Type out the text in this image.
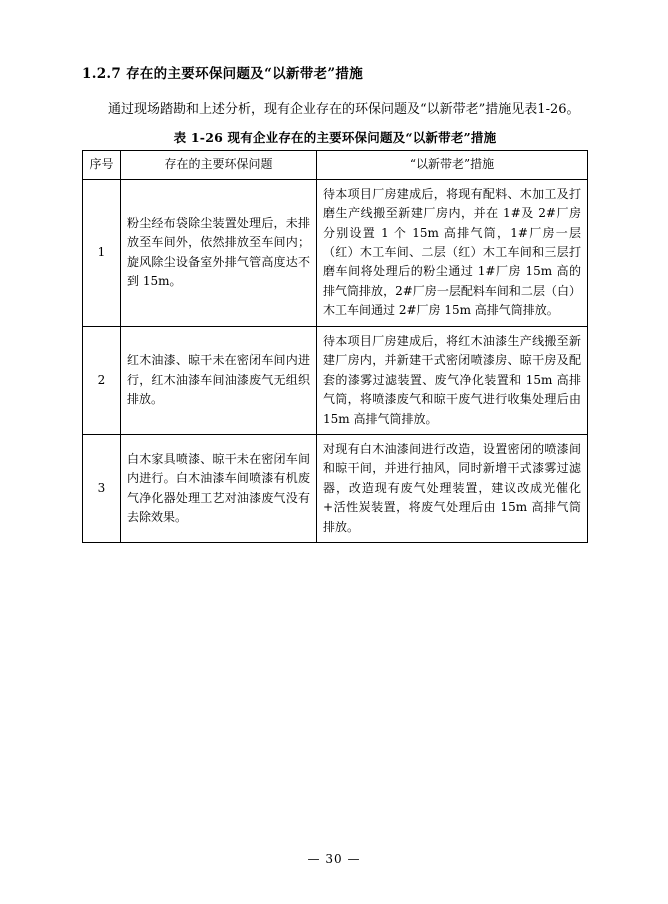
1.2.7 存在的主要环保问题及“以新带老”措施

通过现场踏勘和上述分析，现有企业存在的环保问题及“以新带老”措施见表1-26。

表 1-26 现有企业存在的主要环保问题及“以新带老”措施
序号	存在的主要环保问题	“以新带老”措施
1	粉尘经布袋除尘装置处理后，未排放至车间外，依然排放至车间内；旋风除尘设备室外排气管高度达不到 15m。	待本项目厂房建成后，将现有配料、木加工及打磨生产线搬至新建厂房内，并在 1#及 2#厂房分别设置 1 个 15m 高排气筒，1#厂房一层（红）木工车间、二层（红）木工车间和三层打磨车间将处理后的粉尘通过 1#厂房 15m 高的排气筒排放，2#厂房一层配料车间和二层（白）木工车间通过 2#厂房 15m 高排气筒排放。
2	红木油漆、晾干未在密闭车间内进行，红木油漆车间油漆废气无组织排放。	待本项目厂房建成后，将红木油漆生产线搬至新建厂房内，并新建干式密闭喷漆房、晾干房及配套的漆雾过滤装置、废气净化装置和 15m 高排气筒，将喷漆废气和晾干废气进行收集处理后由 15m 高排气筒排放。
3	白木家具喷漆、晾干未在密闭车间内进行。白木油漆车间喷漆有机废气净化器处理工艺对油漆废气没有去除效果。	对现有白木油漆间进行改造，设置密闭的喷漆间和晾干间，并进行抽风，同时新增干式漆雾过滤器，改造现有废气处理装置，建议改成光催化+活性炭装置，将废气处理后由 15m 高排气筒排放。
— 30 —
